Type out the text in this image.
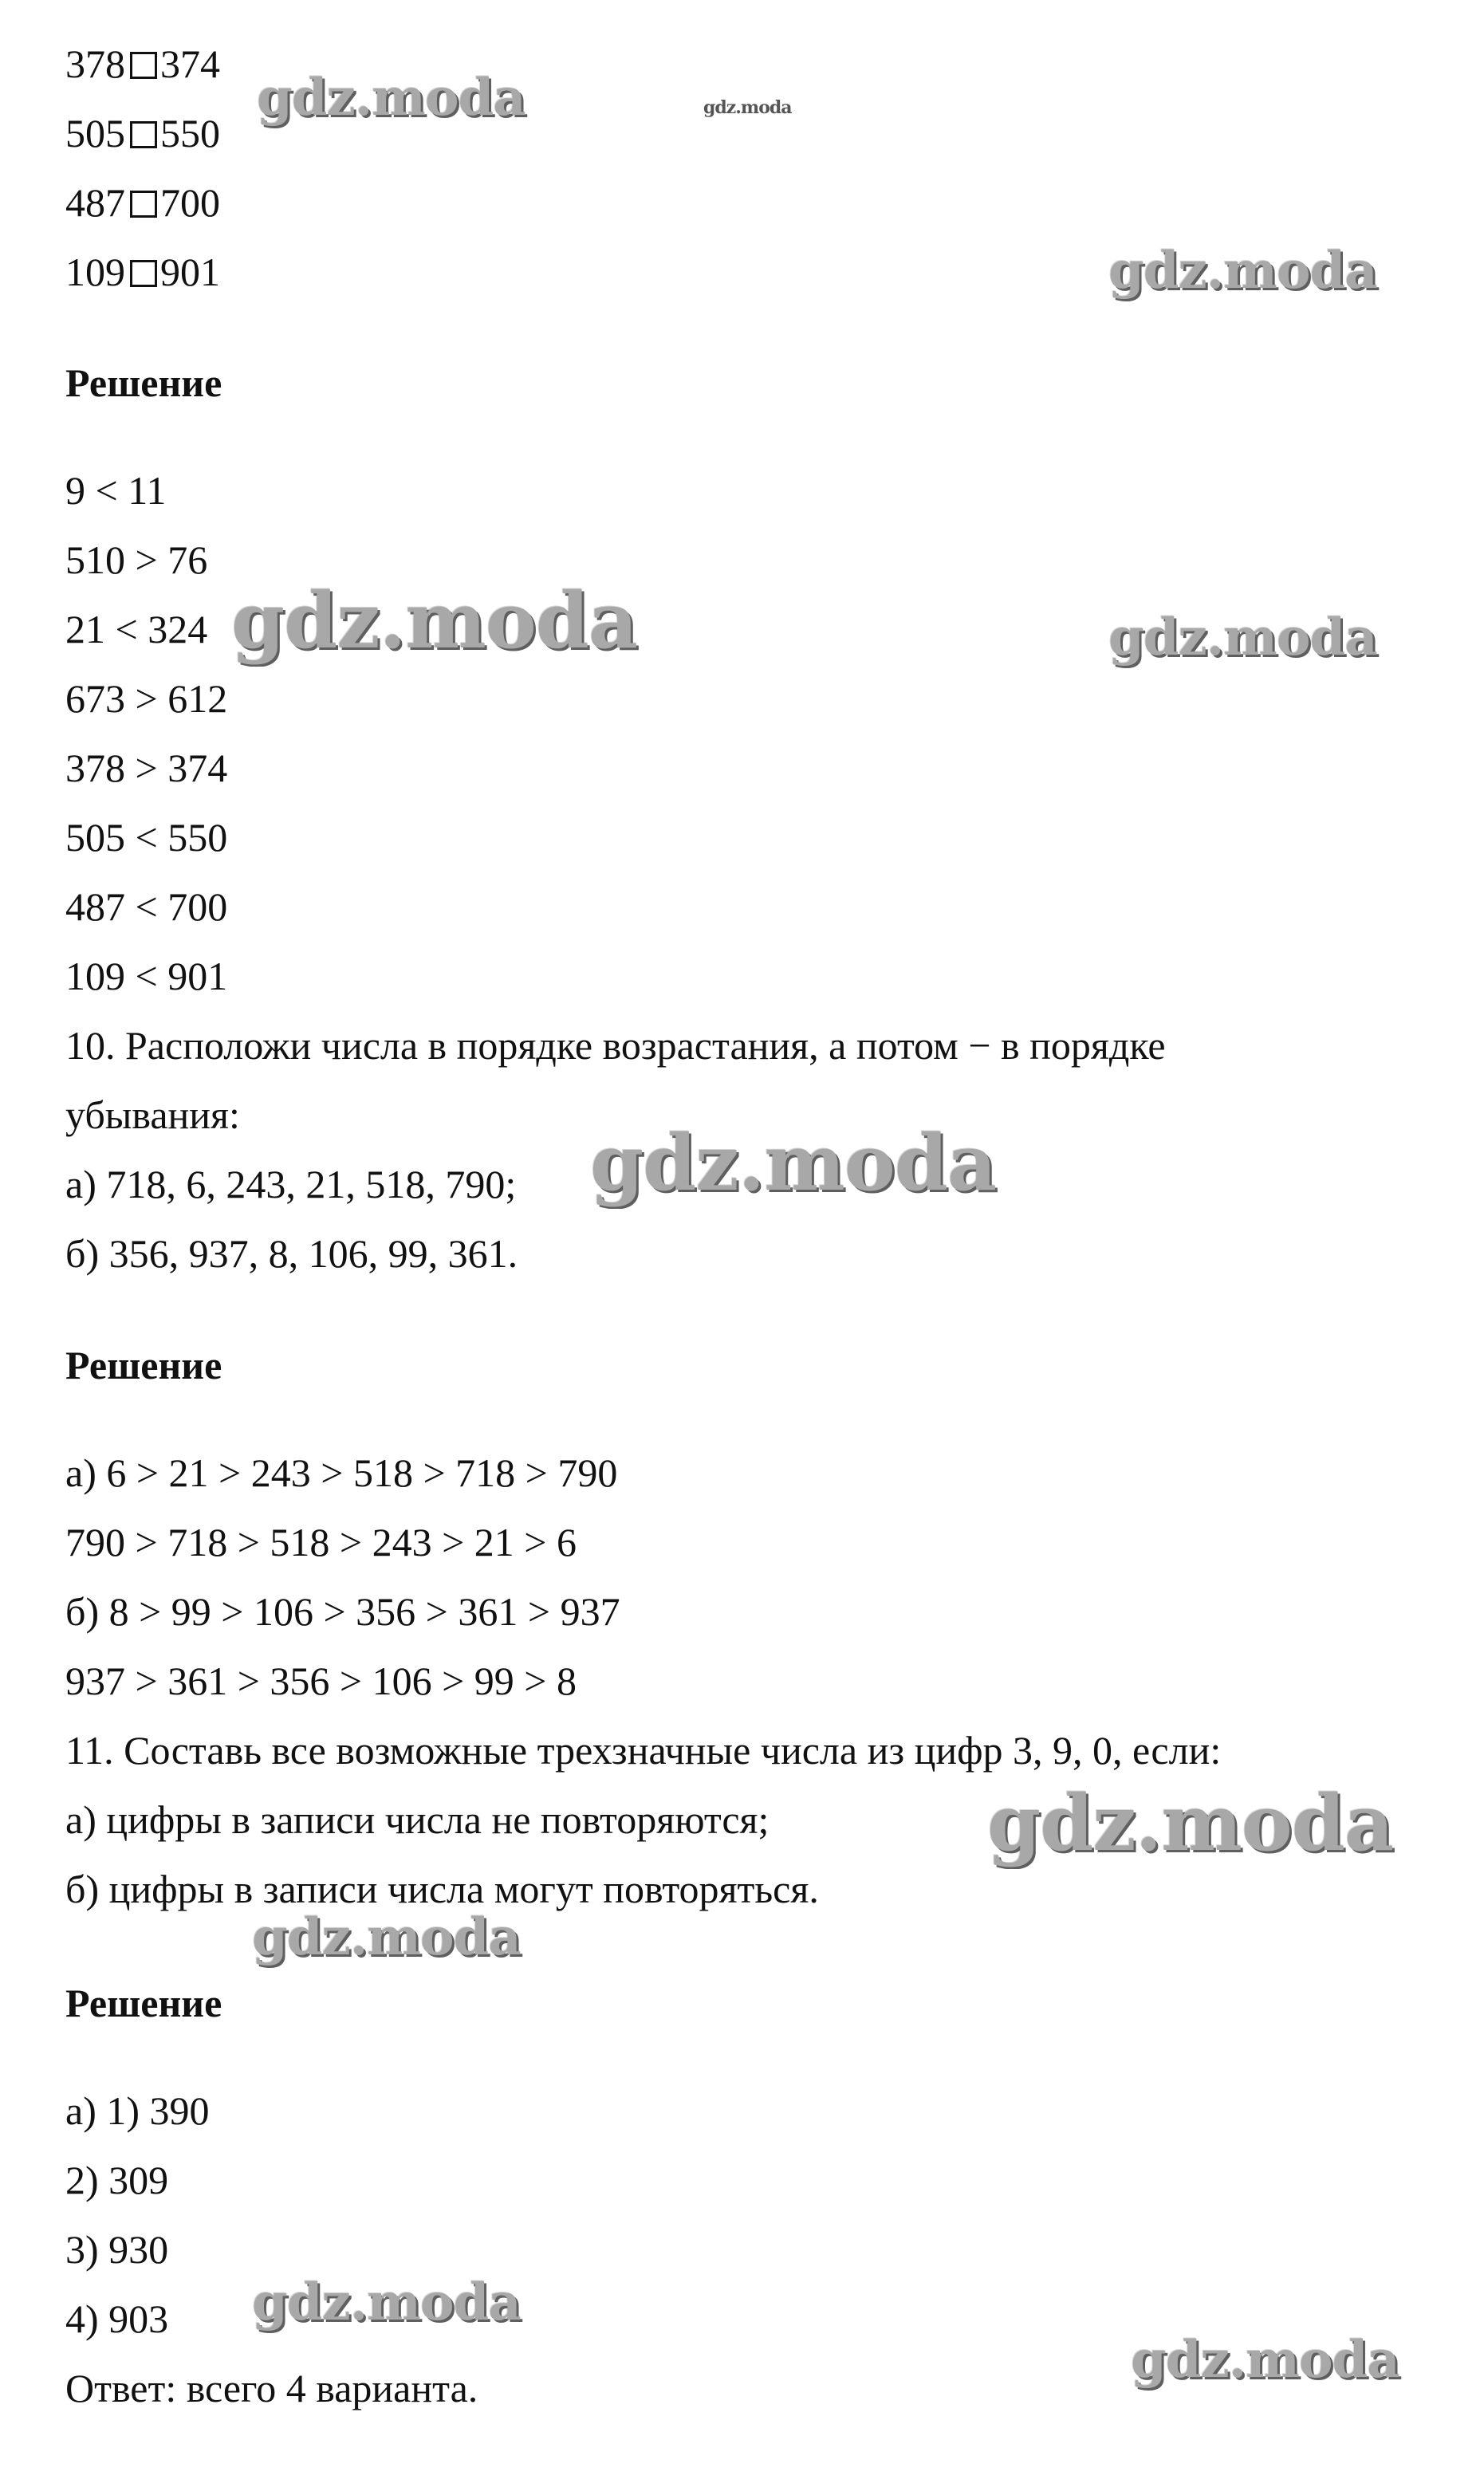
378 374
505 550
487 700
109 901
Решение
9 < 11
510 > 76
21 < 324
673 > 612
378 > 374
505 < 550
487 < 700
109 < 901
10. Расположи числа в порядке возрастания, а потом − в порядке
убывания:
а) 718, 6, 243, 21, 518, 790;
б) 356, 937, 8, 106, 99, 361.
Решение
а) 6 > 21 > 243 > 518 > 718 > 790
790 > 718 > 518 > 243 > 21 > 6
б) 8 > 99 > 106 > 356 > 361 > 937
937 > 361 > 356 > 106 > 99 > 8
11. Составь все возможные трехзначные числа из цифр 3, 9, 0, если:
а) цифры в записи числа не повторяются;
б) цифры в записи числа могут повторяться.
Решение
а) 1) 390
2) 309
3) 930
4) 903
Ответ: всего 4 варианта.
gdz.moda	gdz.moda
gdz.moda
gdz.moda	gdz.moda
gdz.moda
gdz.moda
gdz.moda
gdz.moda
gdz.moda
